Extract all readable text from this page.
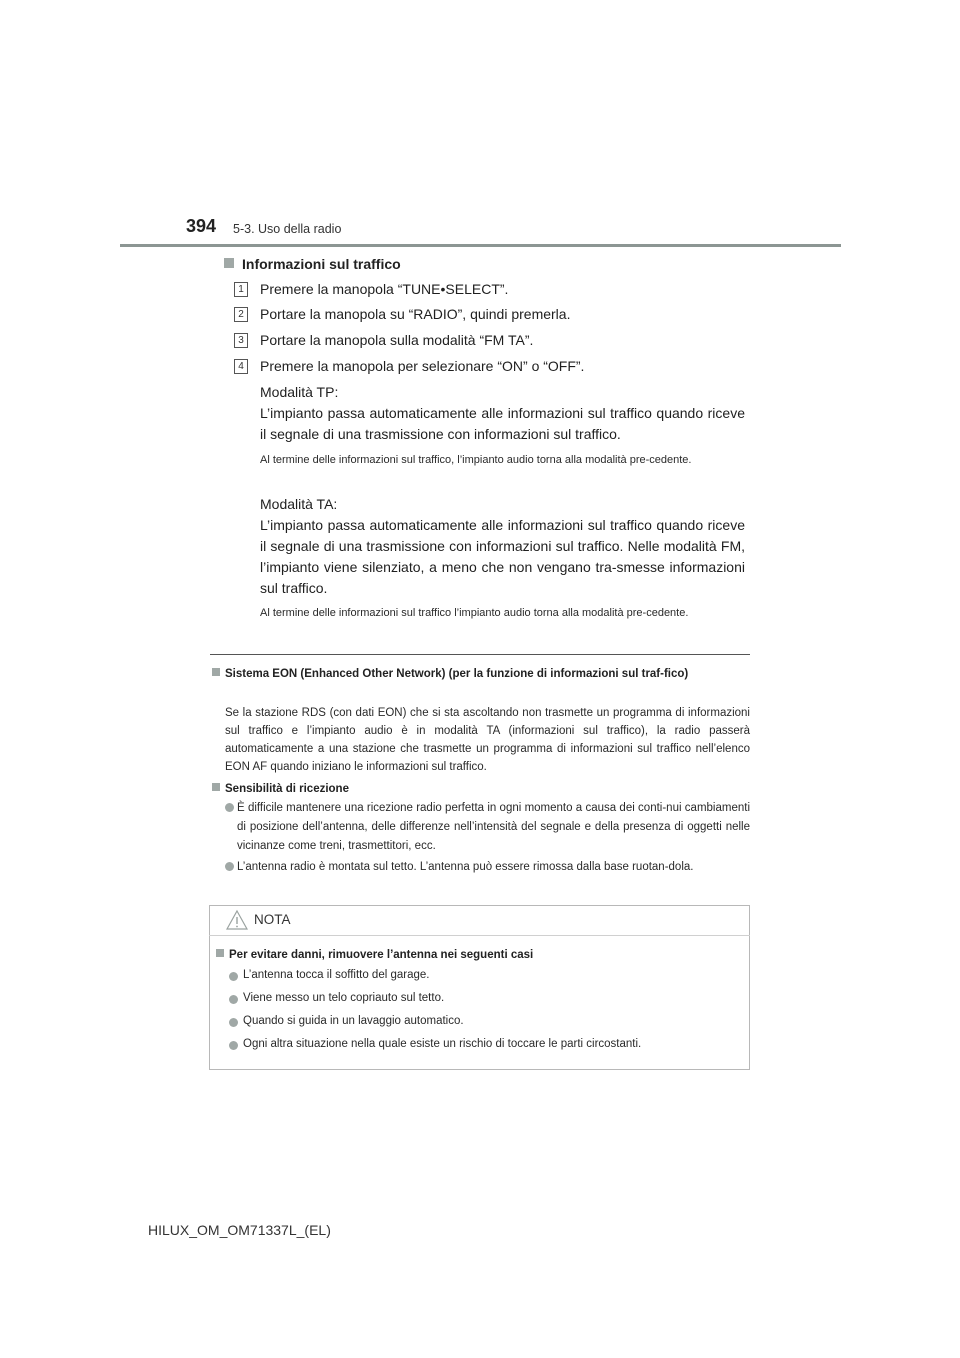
394 5-3. Uso della radio
Informazioni sul traffico
1	Premere la manopola “TUNE•SELECT”.
2	Portare la manopola su “RADIO”, quindi premerla.
3	Portare la manopola sulla modalità “FM TA”.
4	Premere la manopola per selezionare “ON” o “OFF”.
Modalità TP:
L’impianto passa automaticamente alle informazioni sul traffico quando riceve il segnale di una trasmissione con informazioni sul traffico.
Al termine delle informazioni sul traffico, l’impianto audio torna alla modalità pre-cedente.
Modalità TA:
L’impianto passa automaticamente alle informazioni sul traffico quando riceve il segnale di una trasmissione con informazioni sul traffico. Nelle modalità FM, l’impianto viene silenziato, a meno che non vengano tra-smesse informazioni sul traffico.
Al termine delle informazioni sul traffico l’impianto audio torna alla modalità pre-cedente.
Sistema EON (Enhanced Other Network) (per la funzione di informazioni sul traf-fico)
Se la stazione RDS (con dati EON) che si sta ascoltando non trasmette un programma di informazioni sul traffico e l’impianto audio è in modalità TA (informazioni sul traffico), la radio passerà automaticamente a una stazione che trasmette un programma di informazioni sul traffico nell’elenco EON AF quando iniziano le informazioni sul traffico.
Sensibilità di ricezione
È difficile mantenere una ricezione radio perfetta in ogni momento a causa dei conti-nui cambiamenti di posizione dell’antenna, delle differenze nell’intensità del segnale e della presenza di oggetti nelle vicinanze come treni, trasmettitori, ecc.
L’antenna radio è montata sul tetto. L’antenna può essere rimossa dalla base ruotan-dola.
NOTA
Per evitare danni, rimuovere l’antenna nei seguenti casi
L’antenna tocca il soffitto del garage.
Viene messo un telo copriauto sul tetto.
Quando si guida in un lavaggio automatico.
Ogni altra situazione nella quale esiste un rischio di toccare le parti circostanti.
HILUX_OM_OM71337L_(EL)
